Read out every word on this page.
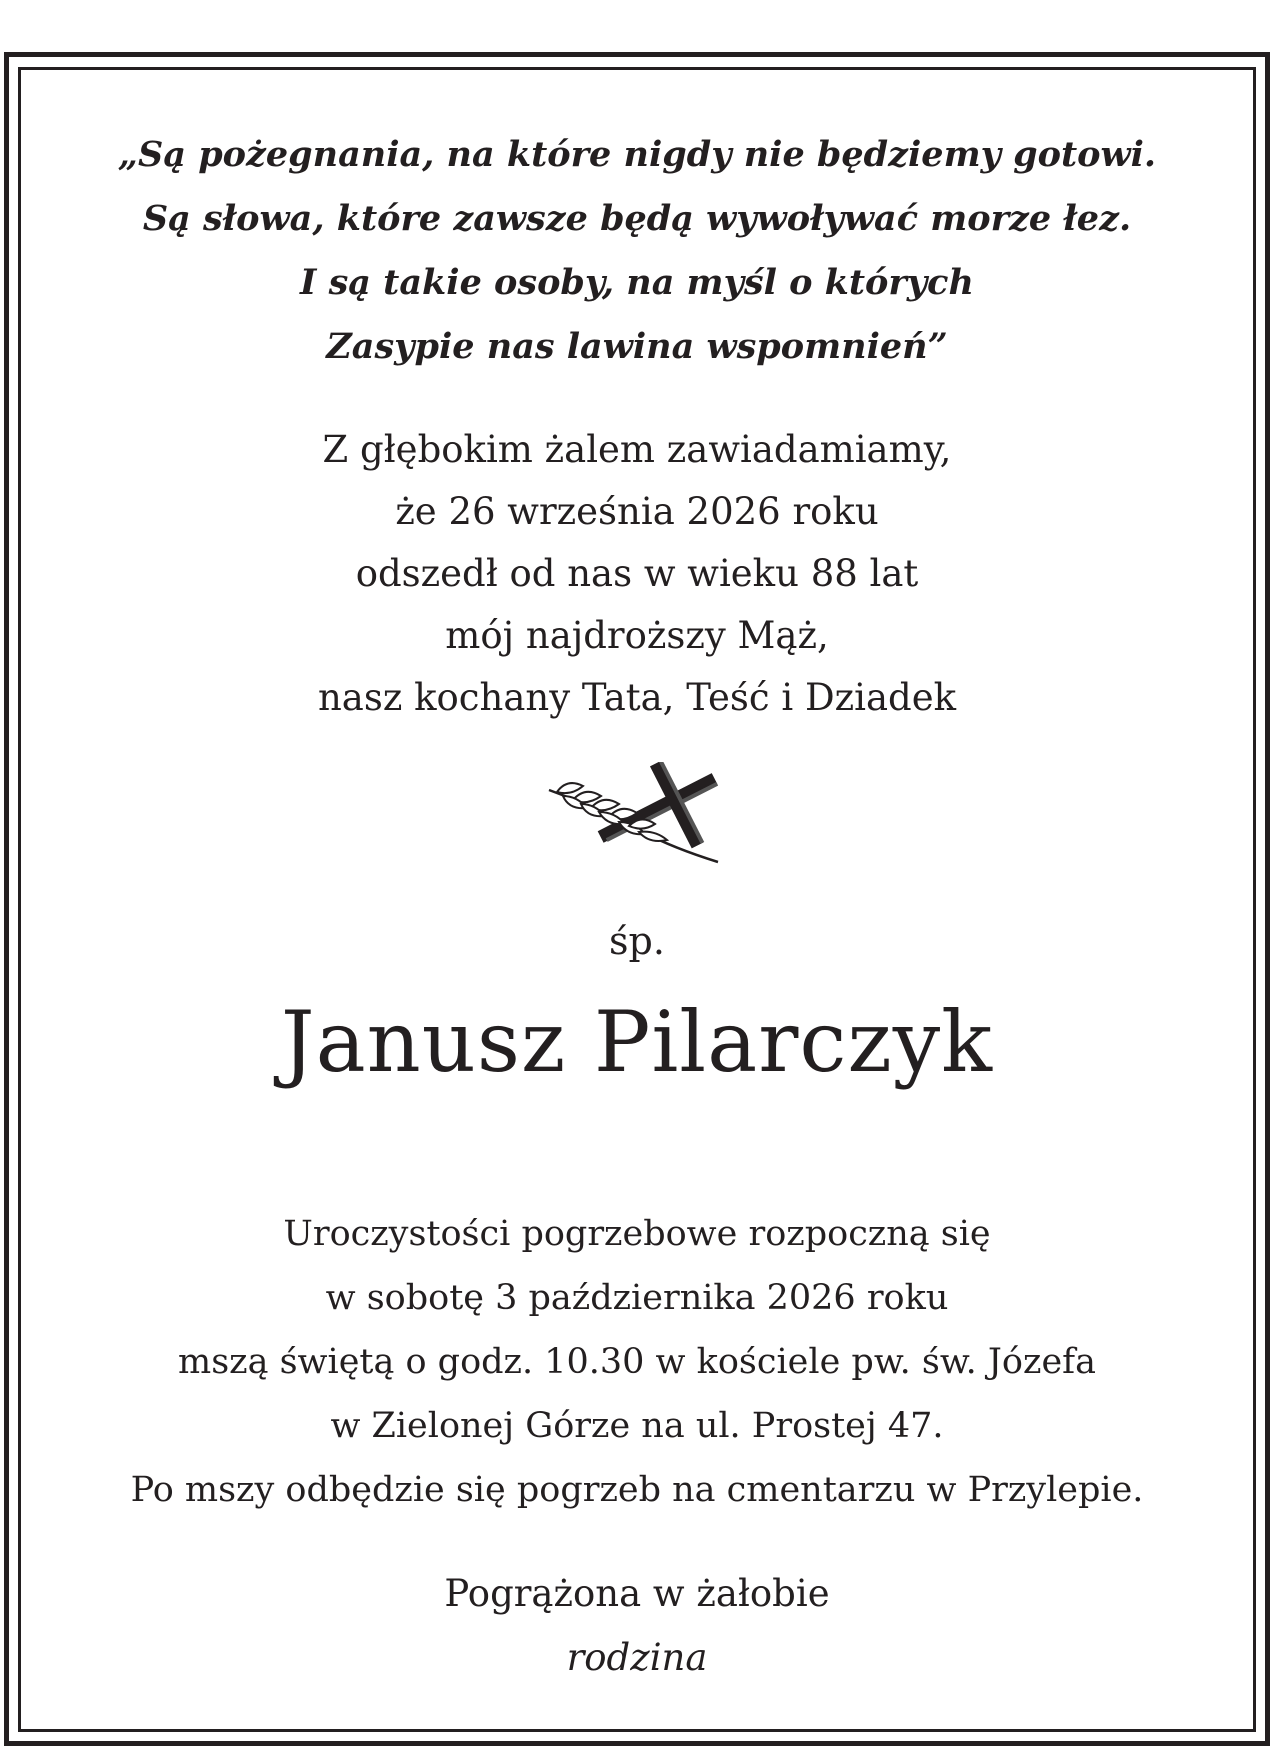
„Są pożegnania, na które nigdy nie będziemy gotowi.
Są słowa, które zawsze będą wywoływać morze łez.
I są takie osoby, na myśl o których
Zasypie nas lawina wspomnień”

Z głębokim żalem zawiadamiamy,
że 26 września 2026 roku
odszedł od nas w wieku 88 lat
mój najdroższy Mąż,
nasz kochany Tata, Teść i Dziadek

śp.
Janusz Pilarczyk

Uroczystości pogrzebowe rozpoczną się
w sobotę 3 października 2026 roku
mszą świętą o godz. 10.30 w kościele pw. św. Józefa
w Zielonej Górze na ul. Prostej 47.
Po mszy odbędzie się pogrzeb na cmentarzu w Przylepie.

Pogrążona w żałobie
rodzina
